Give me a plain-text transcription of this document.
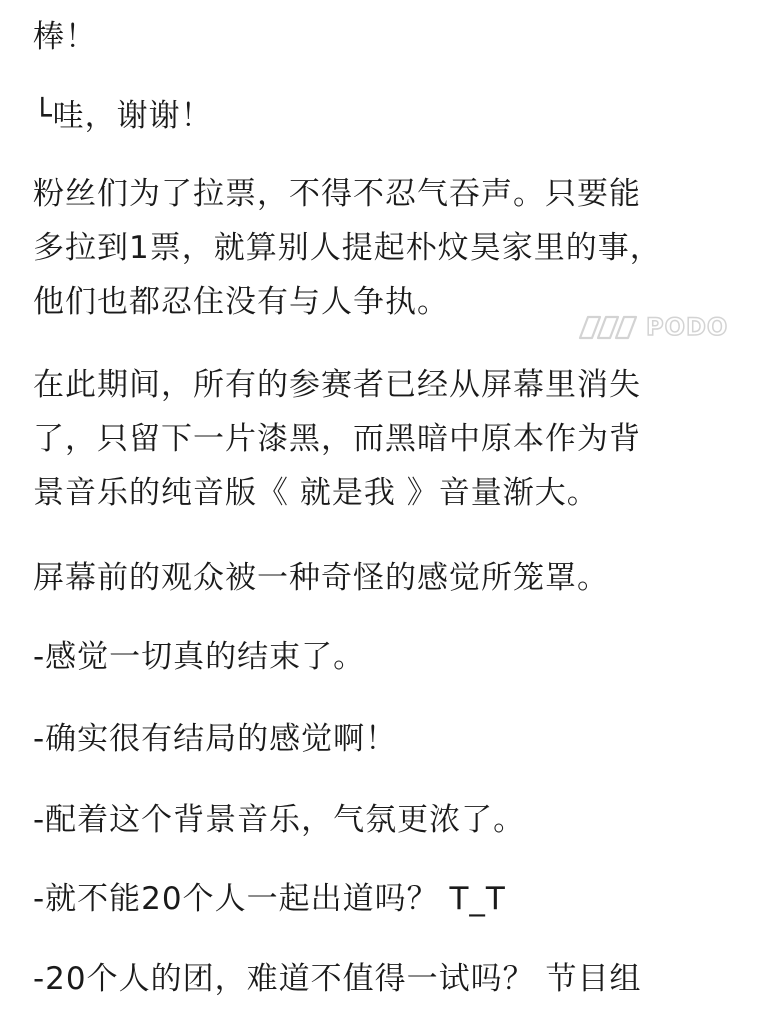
棒！

└哇，谢谢！

粉丝们为了拉票，不得不忍气吞声。只要能
多拉到1票，就算别人提起朴炆昊家里的事，
他们也都忍住没有与人争执。

在此期间，所有的参赛者已经从屏幕里消失
了，只留下一片漆黑，而黑暗中原本作为背
景音乐的纯音版《 就是我 》音量渐大。

屏幕前的观众被一种奇怪的感觉所笼罩。

-感觉一切真的结束了。

-确实很有结局的感觉啊！

-配着这个背景音乐，气氛更浓了。

-就不能20个人一起出道吗？ T_T

-20个人的团，难道不值得一试吗？ 节目组

PODO
